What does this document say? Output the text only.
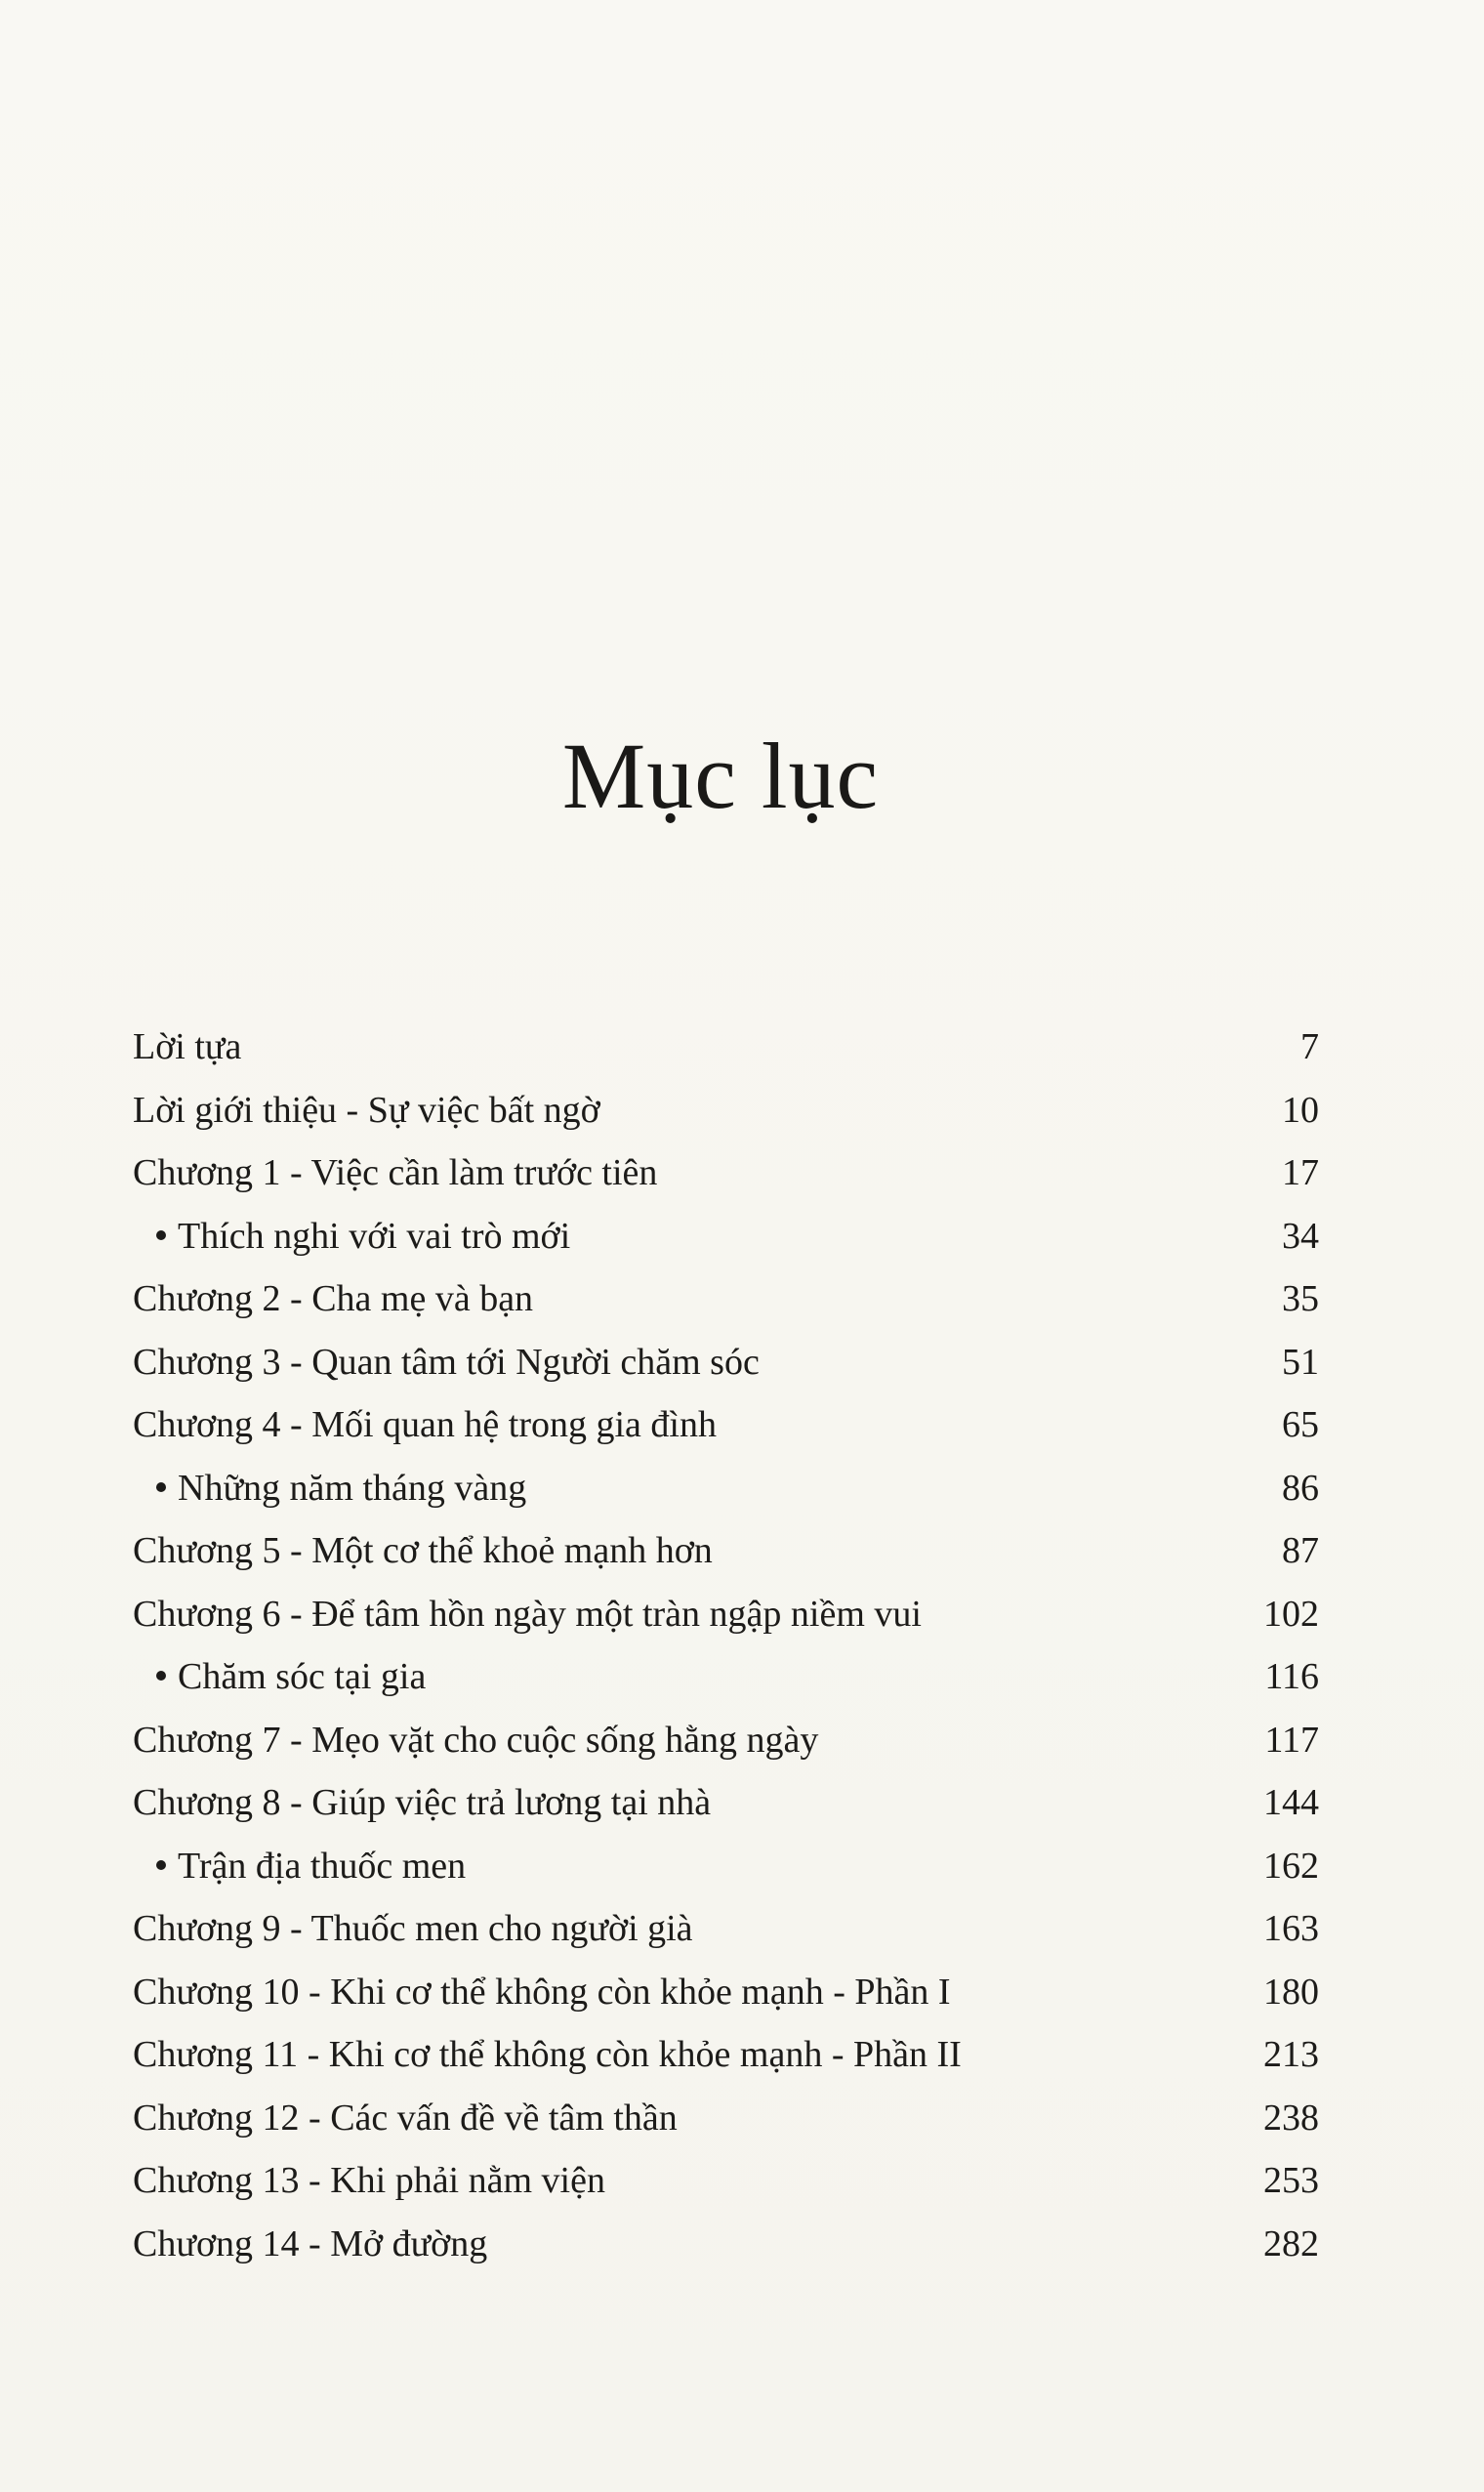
Mục lục
Lời tựa	7
Lời giới thiệu - Sự việc bất ngờ	10
Chương 1 - Việc cần làm trước tiên	17
Thích nghi với vai trò mới	34
Chương 2 - Cha mẹ và bạn	35
Chương 3 - Quan tâm tới Người chăm sóc	51
Chương 4 - Mối quan hệ trong gia đình	65
Những năm tháng vàng	86
Chương 5 - Một cơ thể khoẻ mạnh hơn	87
Chương 6 - Để tâm hồn ngày một tràn ngập niềm vui	102
Chăm sóc tại gia	116
Chương 7 - Mẹo vặt cho cuộc sống hằng ngày	117
Chương 8 - Giúp việc trả lương tại nhà	144
Trận địa thuốc men	162
Chương 9 - Thuốc men cho người già	163
Chương 10 - Khi cơ thể không còn khỏe mạnh - Phần I	180
Chương 11 - Khi cơ thể không còn khỏe mạnh - Phần II	213
Chương 12 - Các vấn đề về tâm thần	238
Chương 13 - Khi phải nằm viện	253
Chương 14 - Mở đường	282
